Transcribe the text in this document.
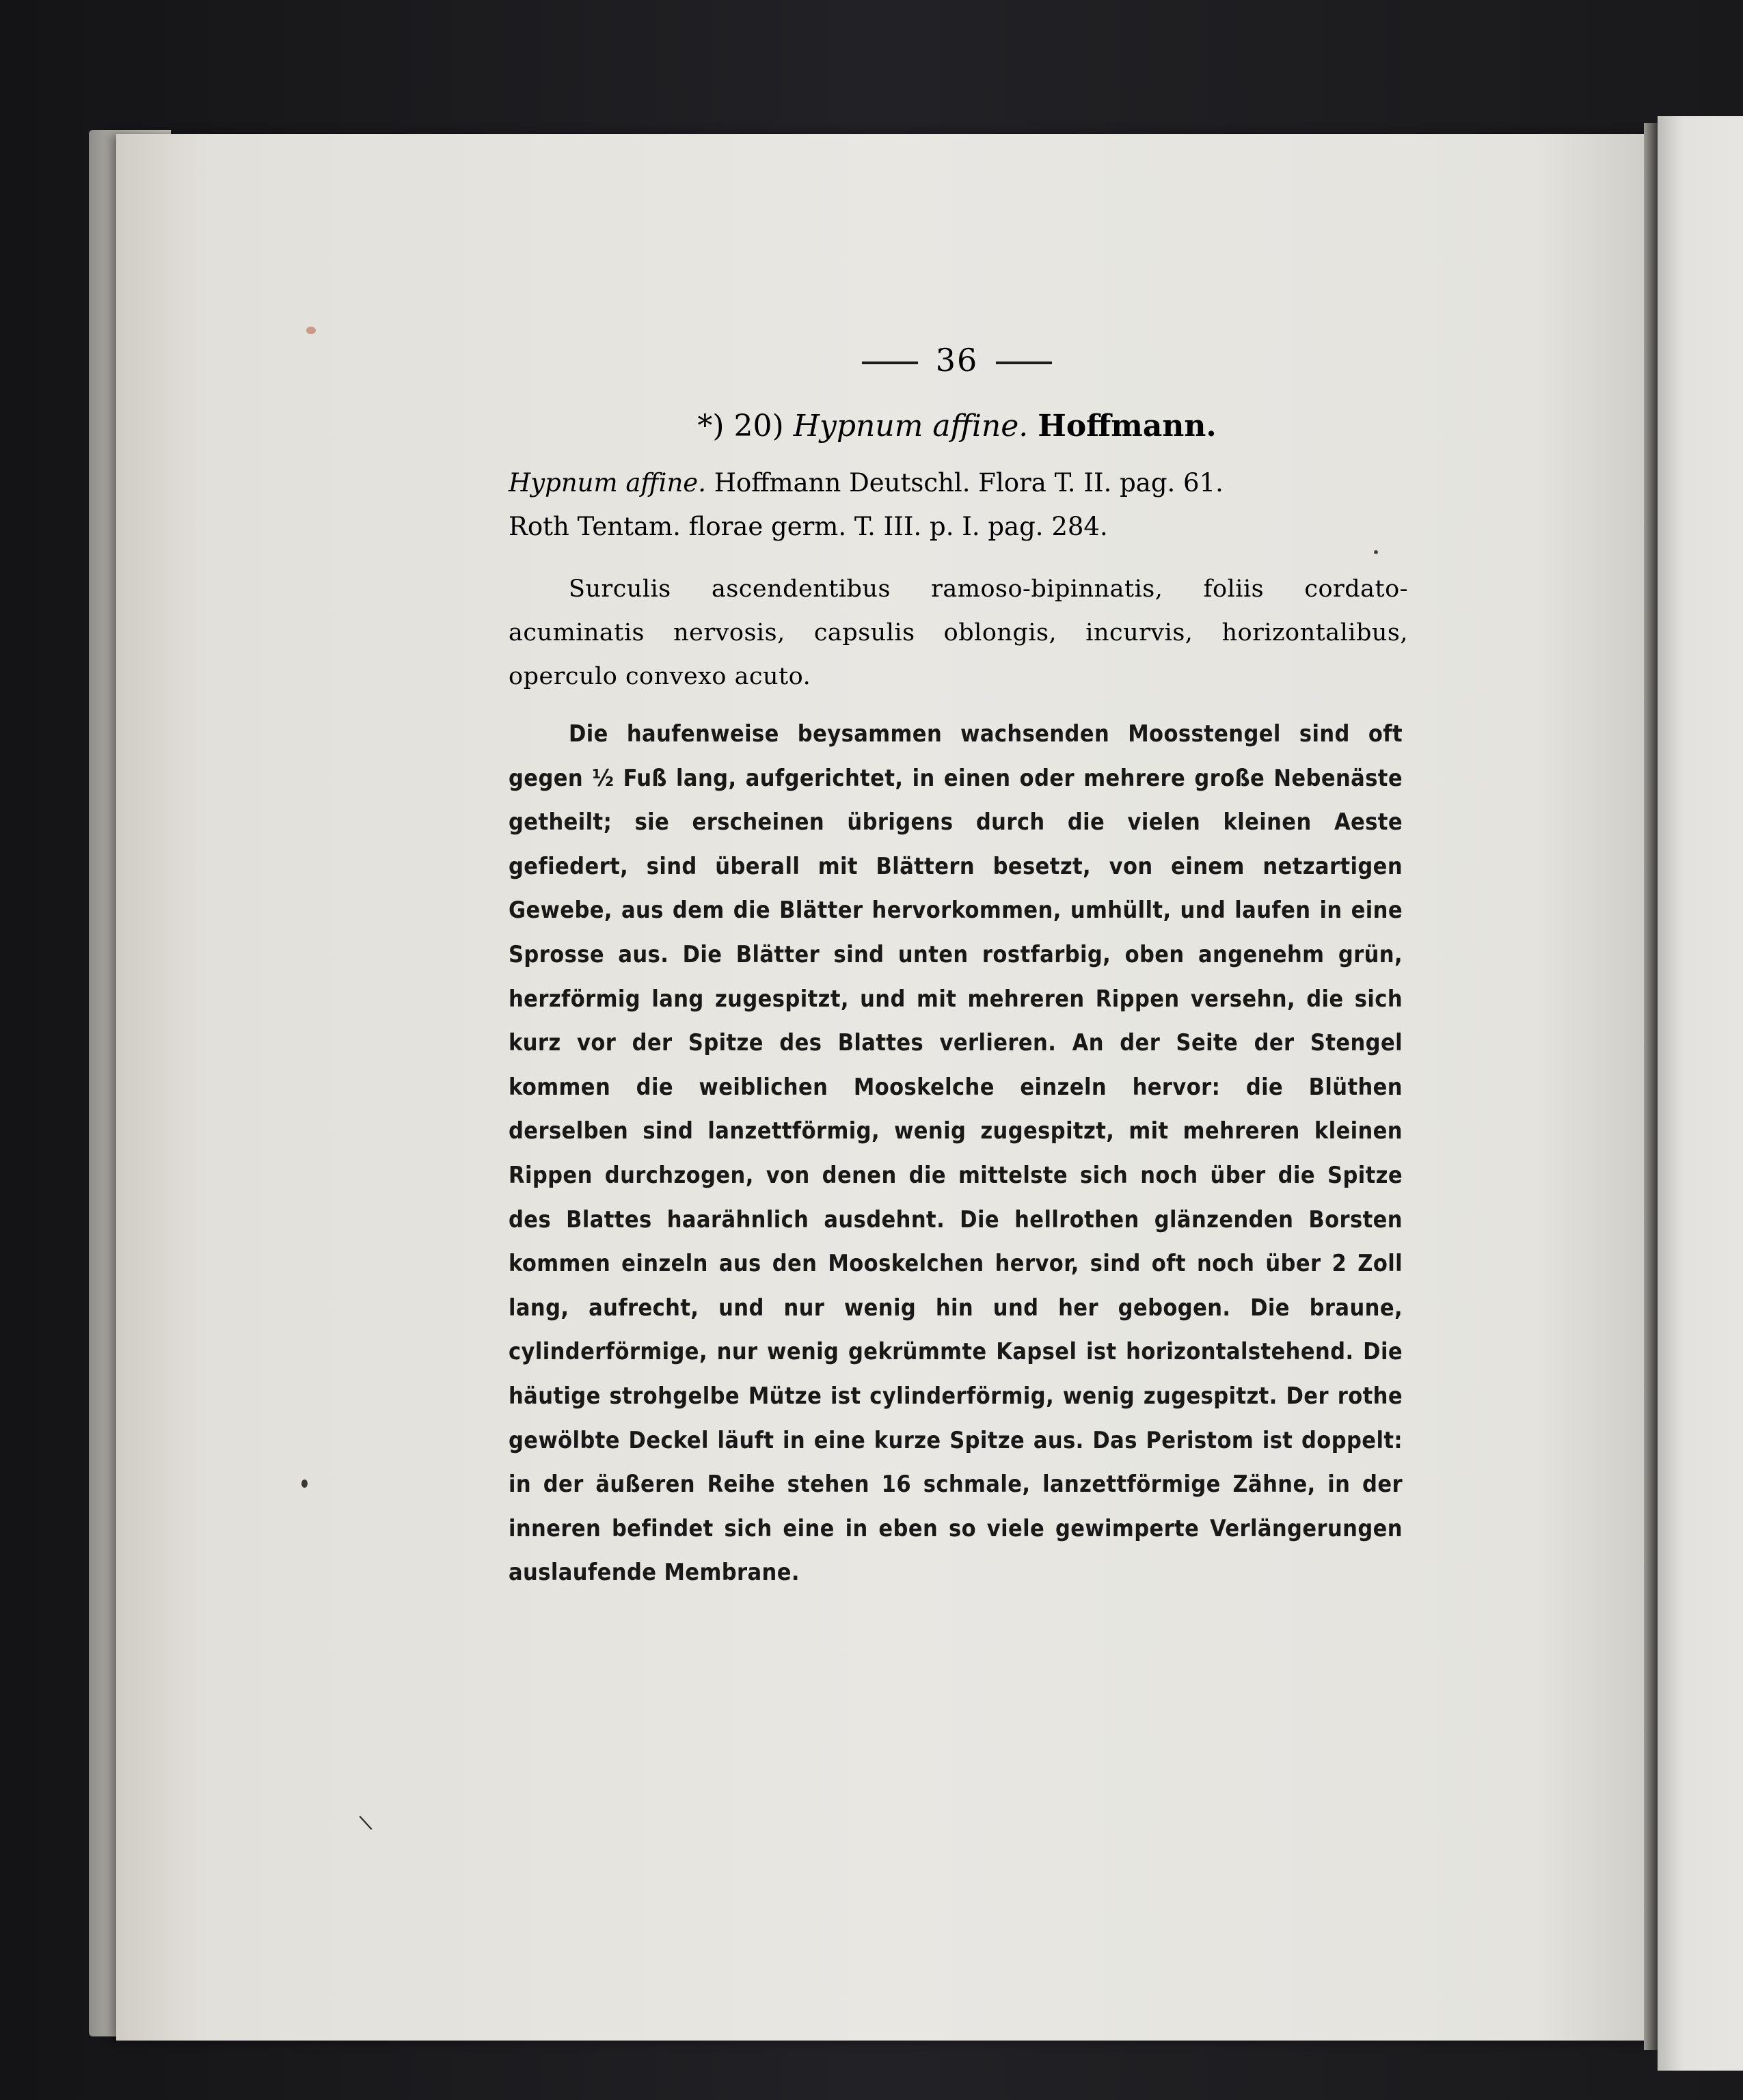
\
36
*) 20) Hypnum affine. Hoffmann.
Hypnum affine. Hoffmann Deutschl. Flora T. II. pag. 61.
Roth Tentam. florae germ. T. III. p. I. pag. 284.
Surculis ascendentibus ramoso-bipinnatis, foliis cordato-acuminatis nervosis, capsulis oblongis, incurvis, horizontalibus, operculo convexo acuto.
Die haufenweise beysammen wachsenden Moosstengel sind oft gegen ½ Fuß lang, aufgerichtet, in einen oder mehrere große Nebenäste getheilt; sie erscheinen übrigens durch die vielen kleinen Aeste gefiedert, sind überall mit Blättern besetzt, von einem netzartigen Gewebe, aus dem die Blätter hervorkommen, umhüllt, und laufen in eine Sprosse aus. Die Blätter sind unten rostfarbig, oben angenehm grün, herzförmig lang zugespitzt, und mit mehreren Rippen versehn, die sich kurz vor der Spitze des Blattes verlieren. An der Seite der Stengel kommen die weiblichen Mooskelche einzeln hervor: die Blüthen derselben sind lanzettförmig, wenig zugespitzt, mit mehreren kleinen Rippen durchzogen, von denen die mittelste sich noch über die Spitze des Blattes haarähnlich ausdehnt. Die hellrothen glänzenden Borsten kommen einzeln aus den Mooskelchen hervor, sind oft noch über 2 Zoll lang, aufrecht, und nur wenig hin und her gebogen. Die braune, cylinderförmige, nur wenig gekrümmte Kapsel ist horizontalstehend. Die häutige strohgelbe Mütze ist cylinderförmig, wenig zugespitzt. Der rothe gewölbte Deckel läuft in eine kurze Spitze aus. Das Peristom ist doppelt: in der äußeren Reihe stehen 16 schmale, lanzettförmige Zähne, in der inneren befindet sich eine in eben so viele gewimperte Verlängerungen auslaufende Membrane.
